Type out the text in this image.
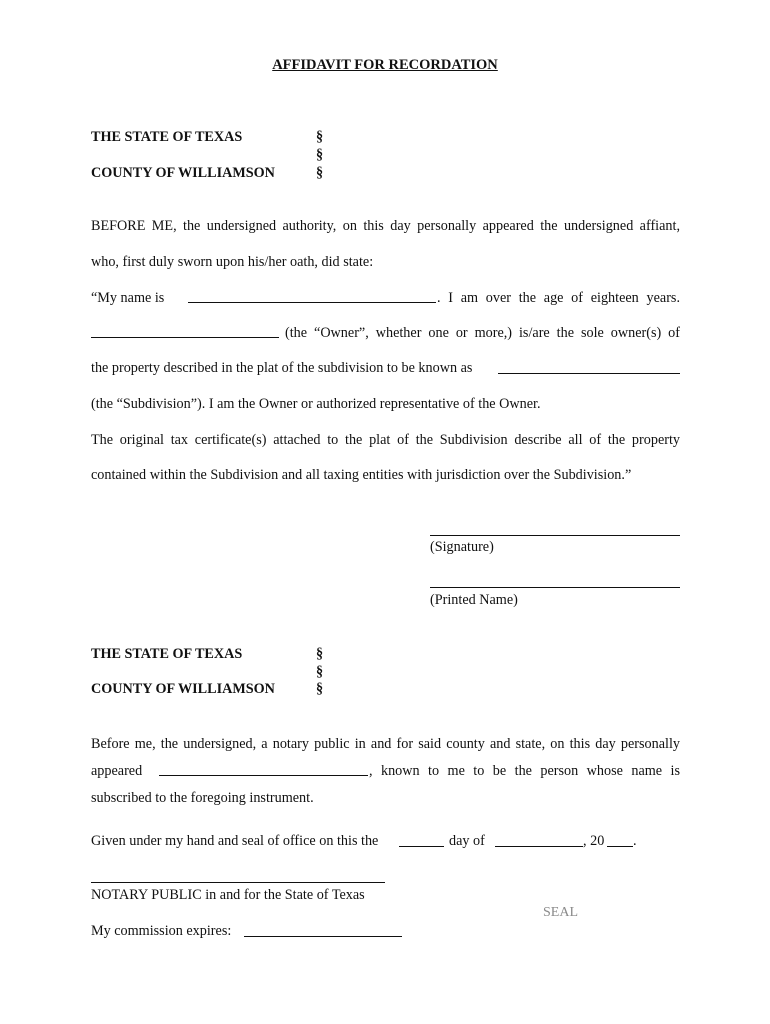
AFFIDAVIT FOR RECORDATION
THE STATE OF TEXAS	§
§
COUNTY OF WILLIAMSON	§
BEFORE ME, the undersigned authority, on this day personally appeared the undersigned affiant,
who, first duly sworn upon his/her oath, did state:
“My name is	. I am over the age of eighteen years.
(the “Owner”, whether one or more,) is/are the sole owner(s) of
the property described in the plat of the subdivision to be known as
(the “Subdivision”). I am the Owner or authorized representative of the Owner.
The original tax certificate(s) attached to the plat of the Subdivision describe all of the property
contained within the Subdivision and all taxing entities with jurisdiction over the Subdivision.”
(Signature)
(Printed Name)
THE STATE OF TEXAS	§
§
COUNTY OF WILLIAMSON	§
Before me, the undersigned, a notary public in and for said county and state, on this day personally
appeared	, known to me to be the person whose name is
subscribed to the foregoing instrument.
Given under my hand and seal of office on this the	day of	, 20 .
NOTARY PUBLIC in and for the State of Texas
SEAL
My commission expires:
